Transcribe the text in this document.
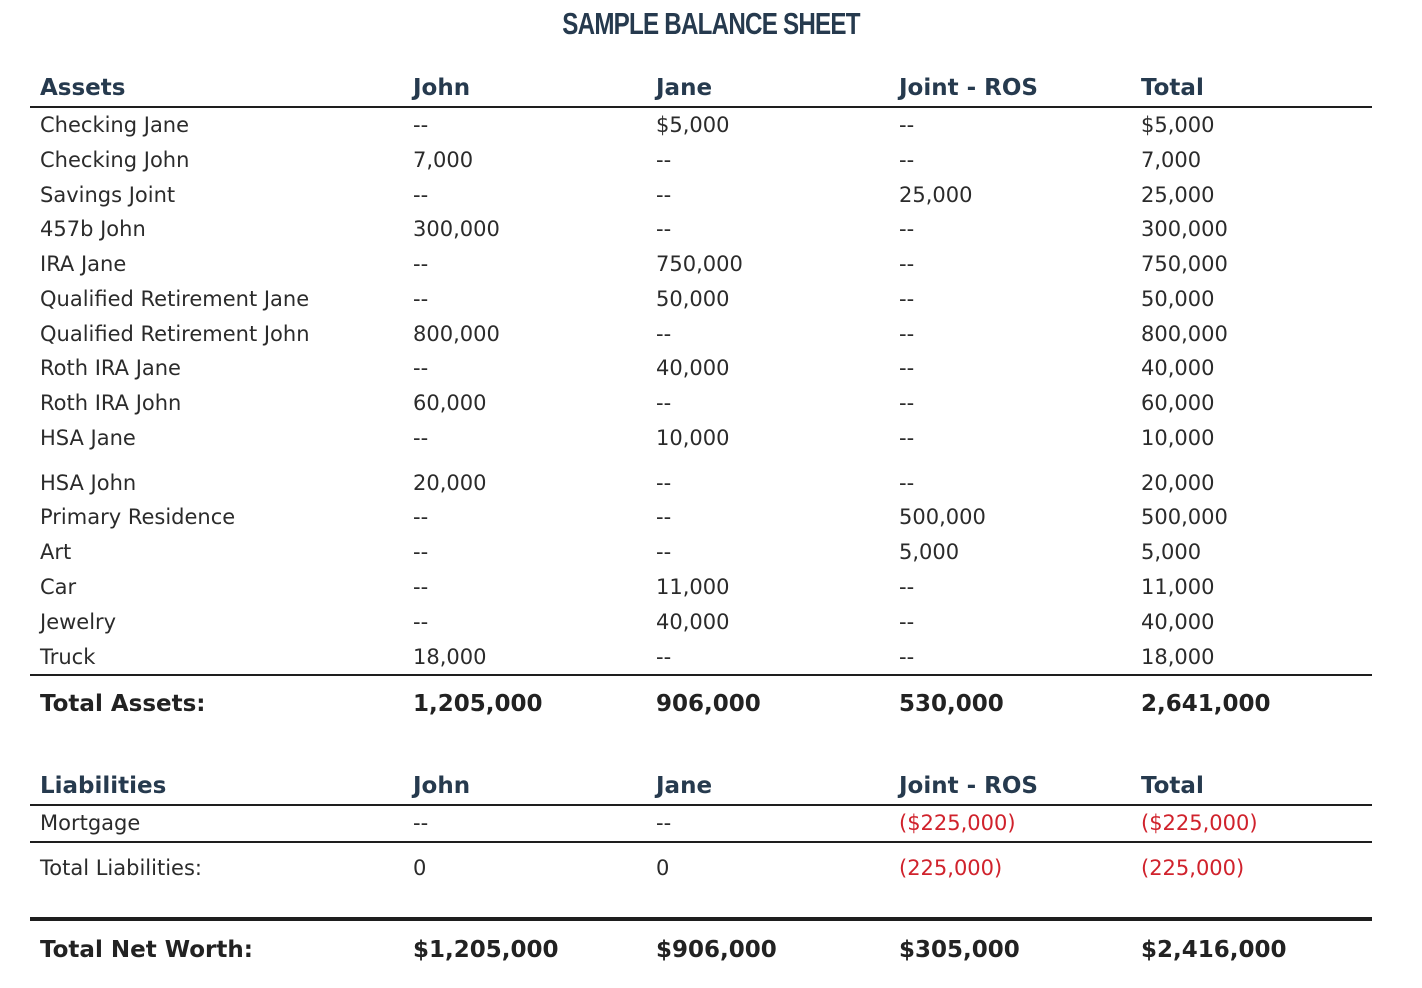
SAMPLE BALANCE SHEET
Assets	John	Jane	Joint - ROS	Total
Checking Jane	--	$5,000	--	$5,000
Checking John	7,000	--	--	7,000
Savings Joint	--	--	25,000	25,000
457b John	300,000	--	--	300,000
IRA Jane	--	750,000	--	750,000
Qualified Retirement Jane	--	50,000	--	50,000
Qualified Retirement John	800,000	--	--	800,000
Roth IRA Jane	--	40,000	--	40,000
Roth IRA John	60,000	--	--	60,000
HSA Jane	--	10,000	--	10,000
HSA John	20,000	--	--	20,000
Primary Residence	--	--	500,000	500,000
Art	--	--	5,000	5,000
Car	--	11,000	--	11,000
Jewelry	--	40,000	--	40,000
Truck	18,000	--	--	18,000
Total Assets:	1,205,000	906,000	530,000	2,641,000
Liabilities	John	Jane	Joint - ROS	Total
Mortgage	--	--	($225,000)	($225,000)
Total Liabilities:	0	0	(225,000)	(225,000)
Total Net Worth:	$1,205,000	$906,000	$305,000	$2,416,000
